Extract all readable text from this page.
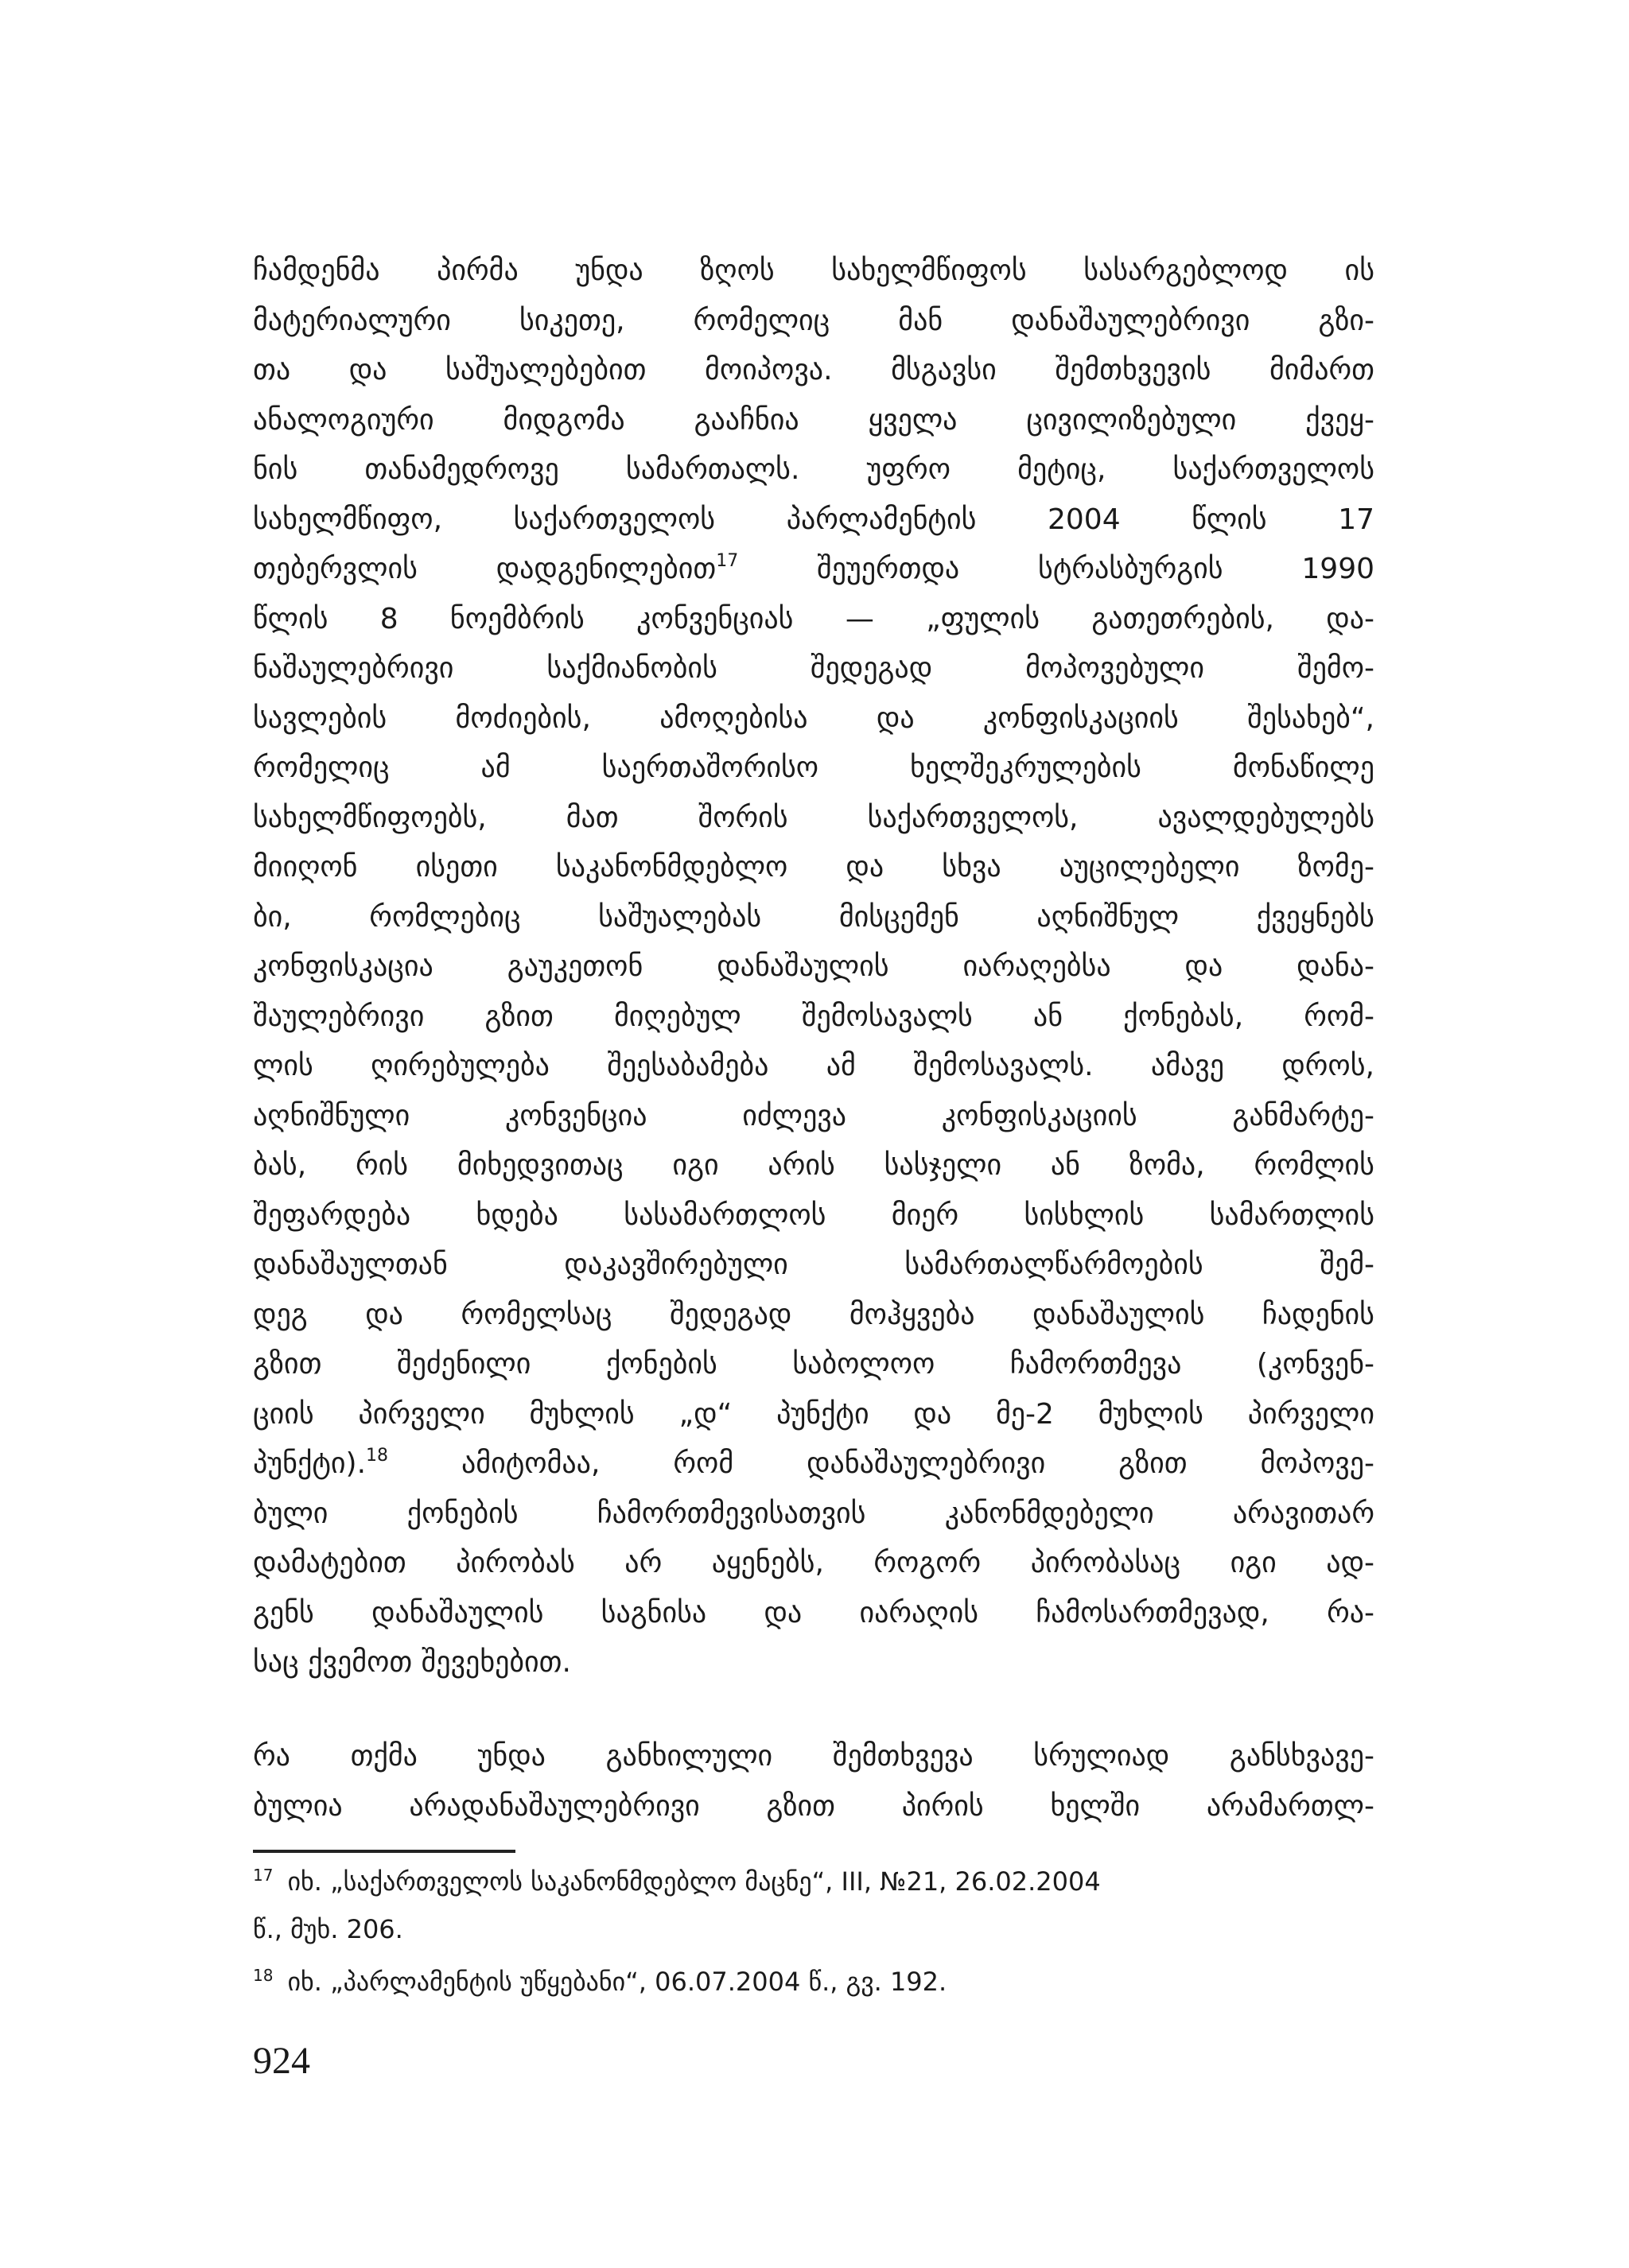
ჩამდენმა პირმა უნდა ზღოს სახელმწიფოს სასარგებლოდ ის
მატერიალური სიკეთე, რომელიც მან დანაშაულებრივი გზი-
თა და საშუალებებით მოიპოვა. მსგავსი შემთხვევის მიმართ
ანალოგიური მიდგომა გააჩნია ყველა ცივილიზებული ქვეყ-
ნის თანამედროვე სამართალს. უფრო მეტიც, საქართველოს
სახელმწიფო, საქართველოს პარლამენტის 2004 წლის 17
თებერვლის დადგენილებით$^{17}$ შეუერთდა სტრასბურგის 1990
წლის 8 ნოემბრის კონვენციას — „ფულის გათეთრების, და-
ნაშაულებრივი საქმიანობის შედეგად მოპოვებული შემო-
სავლების მოძიების, ამოღებისა და კონფისკაციის შესახებ“,
რომელიც ამ საერთაშორისო ხელშეკრულების მონაწილე
სახელმწიფოებს, მათ შორის საქართველოს, ავალდებულებს
მიიღონ ისეთი საკანონმდებლო და სხვა აუცილებელი ზომე-
ბი, რომლებიც საშუალებას მისცემენ აღნიშნულ ქვეყნებს
კონფისკაცია გაუკეთონ დანაშაულის იარაღებსა და დანა-
შაულებრივი გზით მიღებულ შემოსავალს ან ქონებას, რომ-
ლის ღირებულება შეესაბამება ამ შემოსავალს. ამავე დროს,
აღნიშნული კონვენცია იძლევა კონფისკაციის განმარტე-
ბას, რის მიხედვითაც იგი არის სასჯელი ან ზომა, რომლის
შეფარდება ხდება სასამართლოს მიერ სისხლის სამართლის
დანაშაულთან დაკავშირებული სამართალწარმოების შემ-
დეგ და რომელსაც შედეგად მოჰყვება დანაშაულის ჩადენის
გზით შეძენილი ქონების საბოლოო ჩამორთმევა (კონვენ-
ციის პირველი მუხლის „დ“ პუნქტი და მე-2 მუხლის პირველი
პუნქტი).$^{18}$ ამიტომაა, რომ დანაშაულებრივი გზით მოპოვე-
ბული ქონების ჩამორთმევისათვის კანონმდებელი არავითარ
დამატებით პირობას არ აყენებს, როგორ პირობასაც იგი ად-
გენს დანაშაულის საგნისა და იარაღის ჩამოსართმევად, რა-
საც ქვემოთ შევეხებით.
რა თქმა უნდა განხილული შემთხვევა სრულიად განსხვავე-
ბულია არადანაშაულებრივი გზით პირის ხელში არამართლ-
$^{17}$ იხ. „საქართველოს საკანონმდებლო მაცნე“, III, №21, 26.02.2004
წ., მუხ. 206.
$^{18}$ იხ. „პარლამენტის უწყებანი“, 06.07.2004 წ., გვ. 192.
924
